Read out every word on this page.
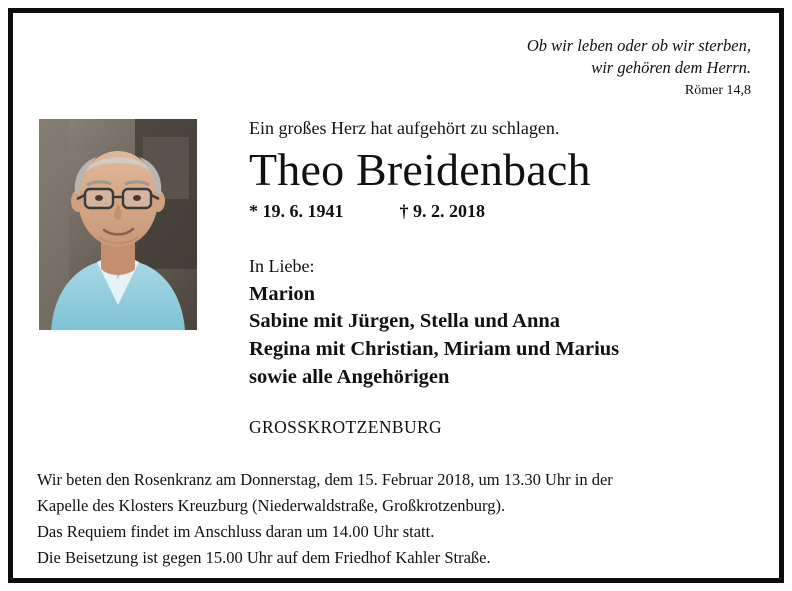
Ob wir leben oder ob wir sterben,
wir gehören dem Herrn.
Römer 14,8

Ein großes Herz hat aufgehört zu schlagen.

Theo Breidenbach

* 19. 6. 1941	† 9. 2. 2018

In Liebe:

Marion
Sabine mit Jürgen, Stella und Anna
Regina mit Christian, Miriam und Marius
sowie alle Angehörigen

GROSSKROTZENBURG

Wir beten den Rosenkranz am Donnerstag, dem 15. Februar 2018, um 13.30 Uhr in der

Kapelle des Klosters Kreuzburg (Niederwaldstraße, Großkrotzenburg).

Das Requiem findet im Anschluss daran um 14.00 Uhr statt.

Die Beisetzung ist gegen 15.00 Uhr auf dem Friedhof Kahler Straße.
